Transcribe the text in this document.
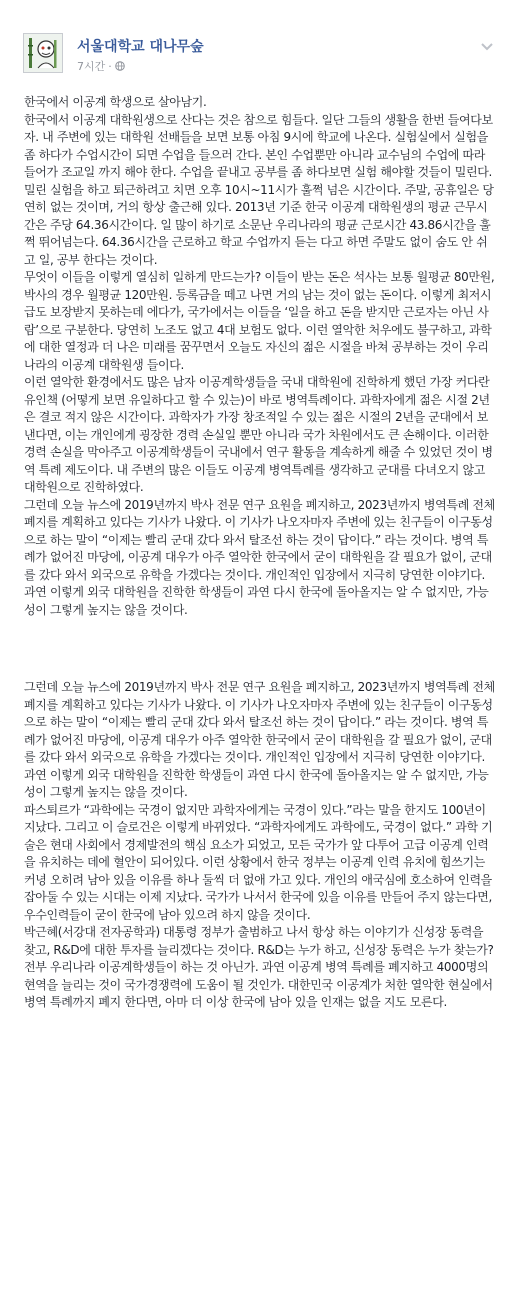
서울대학교 대나무숲
7시간 ·

한국에서 이공계 학생으로 살아남기.
한국에서 이공계 대학원생으로 산다는 것은 참으로 힘들다. 일단 그들의 생활을 한번 들여다보자. 내 주변에 있는 대학원 선배들을 보면 보통 아침 9시에 학교에 나온다. 실험실에서 실험을 좀 하다가 수업시간이 되면 수업을 들으러 간다. 본인 수업뿐만 아니라 교수님의 수업에 따라 들어가 조교일 까지 해야 한다. 수업을 끝내고 공부를 좀 하다보면 실험 해야할 것들이 밀린다. 밀린 실험을 하고 퇴근하려고 치면 오후 10시~11시가 훌쩍 넘은 시간이다. 주말, 공휴일은 당연히 없는 것이며, 거의 항상 출근해 있다. 2013년 기준 한국 이공계 대학원생의 평균 근무시간은 주당 64.36시간이다. 일 많이 하기로 소문난 우리나라의 평균 근로시간 43.86시간을 훌쩍 뛰어넘는다. 64.36시간을 근로하고 학교 수업까지 듣는 다고 하면 주말도 없이 숨도 안 쉬고 일, 공부 한다는 것이다.
무엇이 이들을 이렇게 열심히 일하게 만드는가? 이들이 받는 돈은 석사는 보통 월평균 80만원, 박사의 경우 월평균 120만원. 등록금을 떼고 나면 거의 남는 것이 없는 돈이다. 이렇게 최저시급도 보장받지 못하는데 에다가, 국가에서는 이들을 ‘일을 하고 돈을 받지만 근로자는 아닌 사람’으로 구분한다. 당연히 노조도 없고 4대 보험도 없다. 이런 열악한 처우에도 불구하고, 과학에 대한 열정과 더 나은 미래를 꿈꾸면서 오늘도 자신의 젊은 시절을 바쳐 공부하는 것이 우리나라의 이공계 대학원생 들이다.
이런 열악한 환경에서도 많은 남자 이공계학생들을 국내 대학원에 진학하게 했던 가장 커다란 유인책 (어떻게 보면 유일하다고 할 수 있는)이 바로 병역특례이다. 과학자에게 젊은 시절 2년은 결코 적지 않은 시간이다. 과학자가 가장 창조적일 수 있는 젊은 시절의 2년을 군대에서 보낸다면, 이는 개인에게 굉장한 경력 손실일 뿐만 아니라 국가 차원에서도 큰 손해이다. 이러한 경력 손실을 막아주고 이공계학생들이 국내에서 연구 활동을 계속하게 해줄 수 있었던 것이 병역 특례 제도이다. 내 주변의 많은 이들도 이공계 병역특례를 생각하고 군대를 다녀오지 않고 대학원으로 진학하였다.
그런데 오늘 뉴스에 2019년까지 박사 전문 연구 요원을 폐지하고, 2023년까지 병역특례 전체 폐지를 계획하고 있다는 기사가 나왔다. 이 기사가 나오자마자 주변에 있는 친구들이 이구동성으로 하는 말이 “이제는 빨리 군대 갔다 와서 탈조선 하는 것이 답이다.” 라는 것이다. 병역 특례가 없어진 마당에, 이공계 대우가 아주 열악한 한국에서 굳이 대학원을 갈 필요가 없이, 군대를 갔다 와서 외국으로 유학을 가겠다는 것이다. 개인적인 입장에서 지극히 당연한 이야기다. 과연 이렇게 외국 대학원을 진학한 학생들이 과연 다시 한국에 돌아올지는 알 수 없지만, 가능성이 그렇게 높지는 않을 것이다.

그런데 오늘 뉴스에 2019년까지 박사 전문 연구 요원을 폐지하고, 2023년까지 병역특례 전체 폐지를 계획하고 있다는 기사가 나왔다. 이 기사가 나오자마자 주변에 있는 친구들이 이구동성으로 하는 말이 “이제는 빨리 군대 갔다 와서 탈조선 하는 것이 답이다.” 라는 것이다. 병역 특례가 없어진 마당에, 이공계 대우가 아주 열악한 한국에서 굳이 대학원을 갈 필요가 없이, 군대를 갔다 와서 외국으로 유학을 가겠다는 것이다. 개인적인 입장에서 지극히 당연한 이야기다. 과연 이렇게 외국 대학원을 진학한 학생들이 과연 다시 한국에 돌아올지는 알 수 없지만, 가능성이 그렇게 높지는 않을 것이다.
파스퇴르가 “과학에는 국경이 없지만 과학자에게는 국경이 있다.”라는 말을 한지도 100년이 지났다. 그리고 이 슬로건은 이렇게 바뀌었다. “과학자에게도 과학에도, 국경이 없다.” 과학 기술은 현대 사회에서 경제발전의 핵심 요소가 되었고, 모든 국가가 앞 다투어 고급 이공계 인력을 유치하는 데에 혈안이 되어있다. 이런 상황에서 한국 정부는 이공계 인력 유치에 힘쓰기는커녕 오히려 남아 있을 이유를 하나 둘씩 더 없애 가고 있다. 개인의 애국심에 호소하여 인력을 잡아둘 수 있는 시대는 이제 지났다. 국가가 나서서 한국에 있을 이유를 만들어 주지 않는다면, 우수인력들이 굳이 한국에 남아 있으려 하지 않을 것이다.
박근혜(서강대 전자공학과) 대통령 정부가 출범하고 나서 항상 하는 이야기가 신성장 동력을 찾고, R&D에 대한 투자를 늘리겠다는 것이다. R&D는 누가 하고, 신성장 동력은 누가 찾는가? 전부 우리나라 이공계학생들이 하는 것 아닌가. 과연 이공계 병역 특례를 폐지하고 4000명의 현역을 늘리는 것이 국가경쟁력에 도움이 될 것인가. 대한민국 이공계가 처한 열악한 현실에서 병역 특례까지 폐지 한다면, 아마 더 이상 한국에 남아 있을 인재는 없을 지도 모른다.
